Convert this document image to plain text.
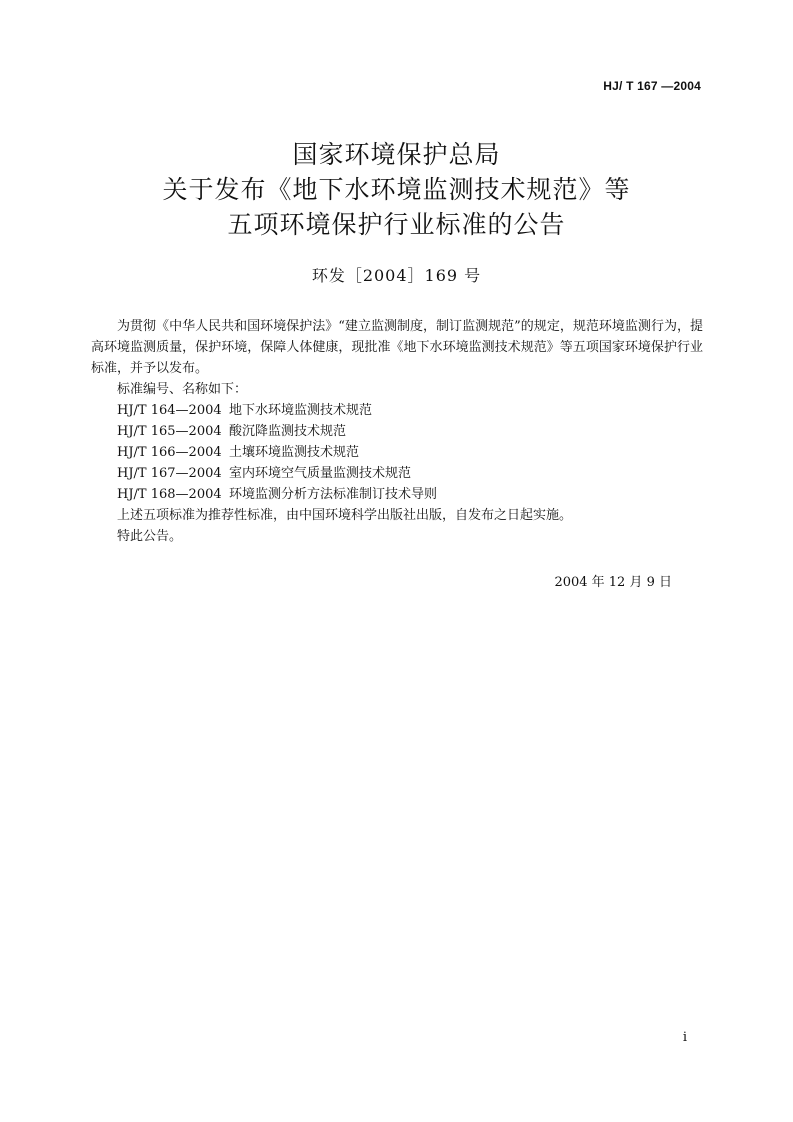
HJ/ T 167 —2004
国家环境保护总局
关于发布《地下水环境监测技术规范》等
五项环境保护行业标准的公告
环发［2004］169 号

为贯彻《中华人民共和国环境保护法》“建立监测制度，制订监测规范”的规定，规范环境监测行为，提高环境监测质量，保护环境，保障人体健康，现批准《地下水环境监测技术规范》等五项国家环境保护行业标准，并予以发布。

标准编号、名称如下：

HJ/T 164—2004 地下水环境监测技术规范

HJ/T 165—2004 酸沉降监测技术规范

HJ/T 166—2004 土壤环境监测技术规范

HJ/T 167—2004 室内环境空气质量监测技术规范

HJ/T 168—2004 环境监测分析方法标准制订技术导则

上述五项标准为推荐性标准，由中国环境科学出版社出版，自发布之日起实施。

特此公告。

2004 年 12 月 9 日
i
